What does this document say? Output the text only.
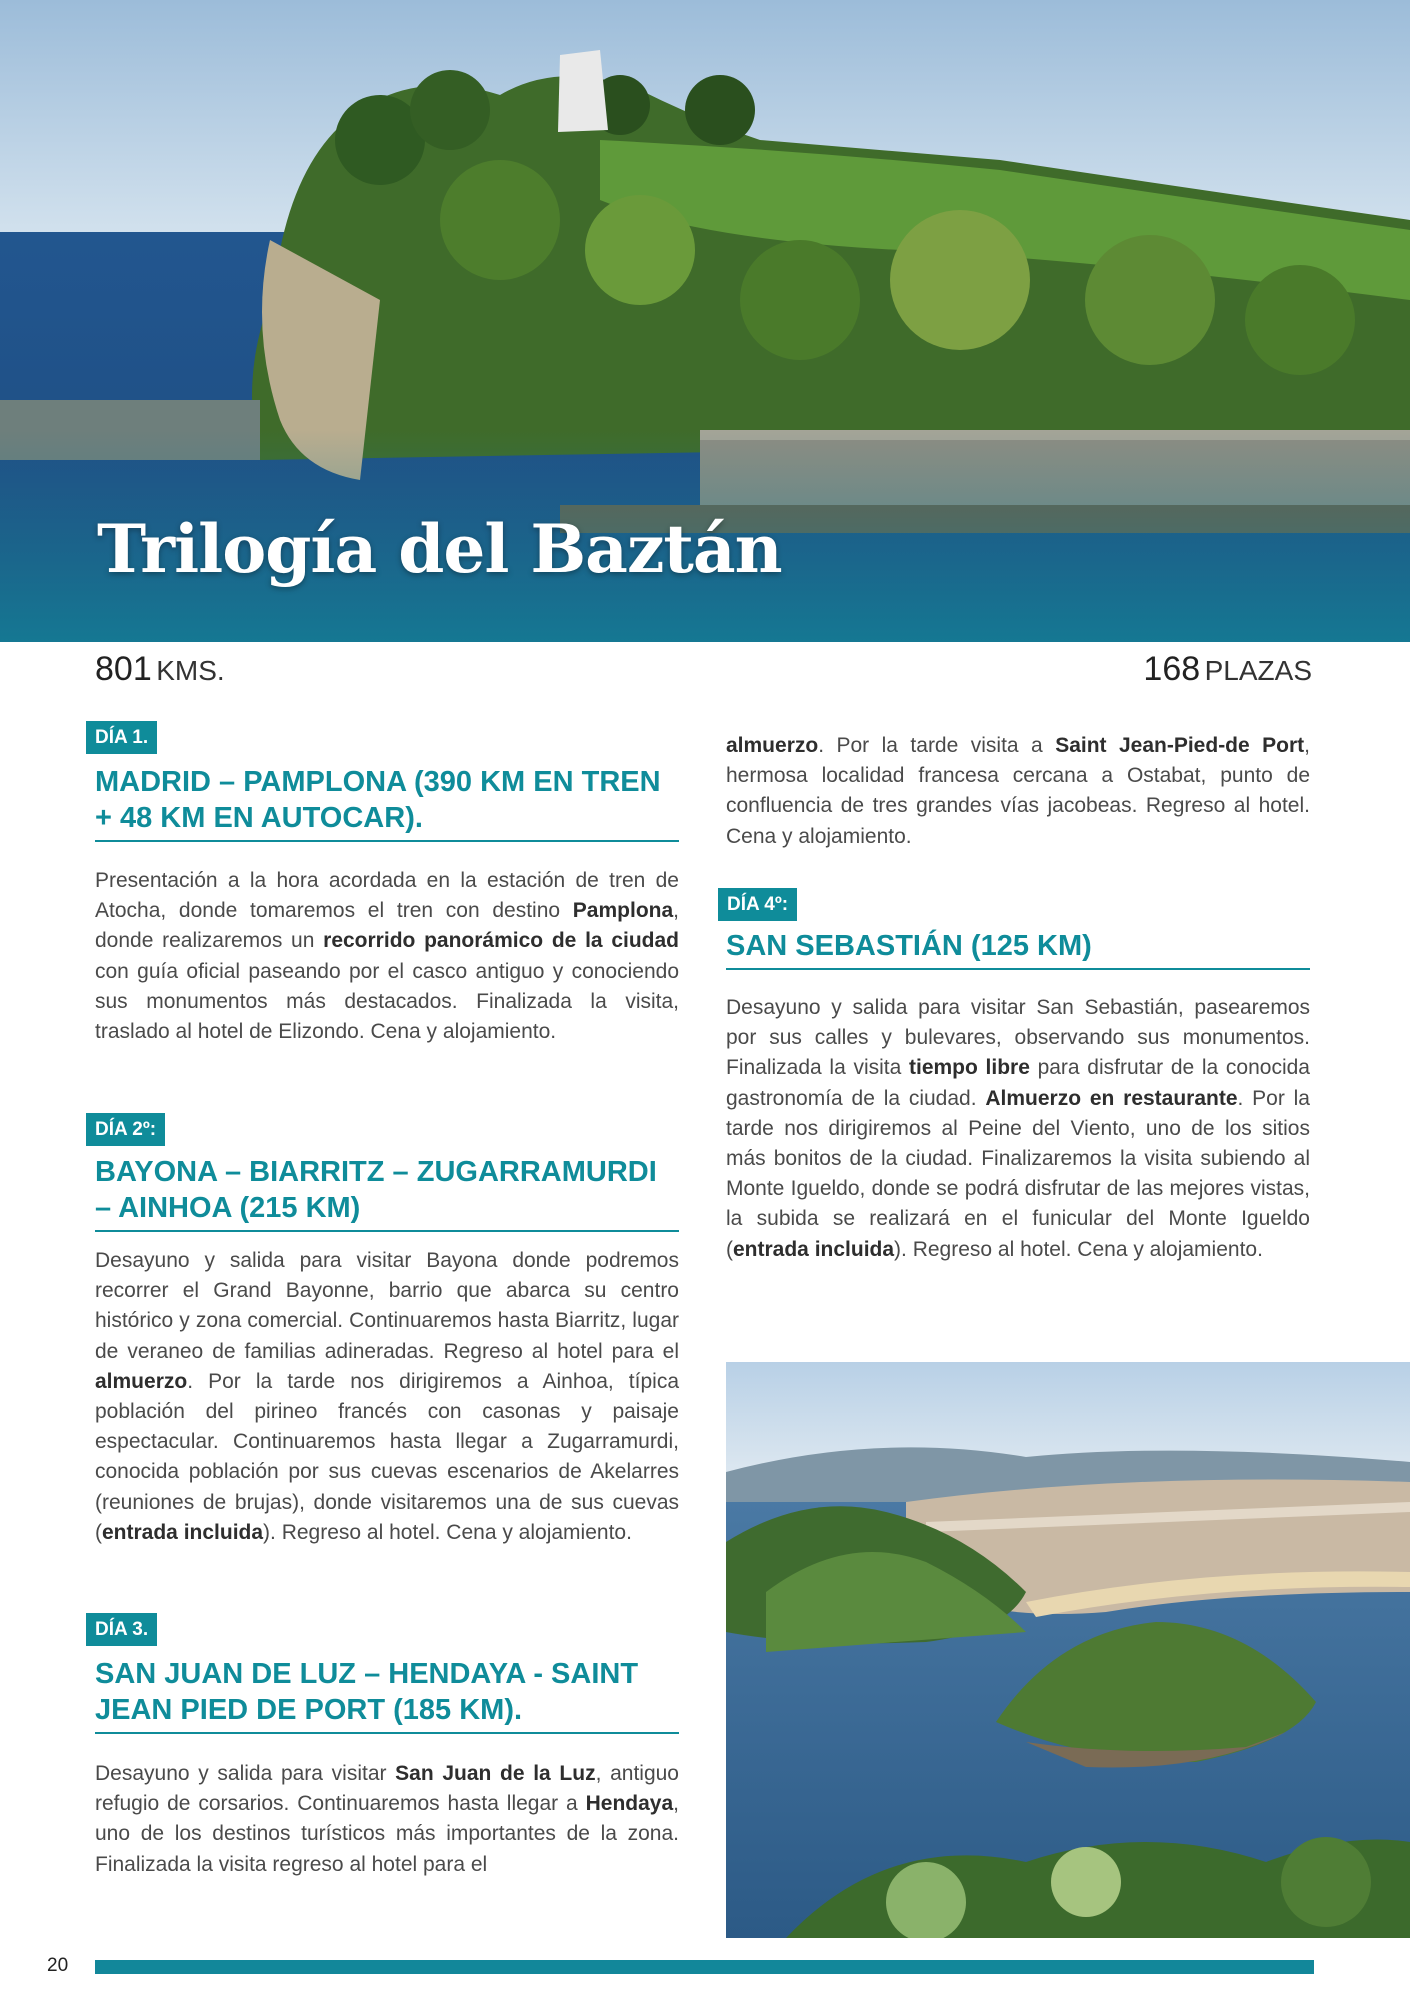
Trilogía del Baztán
801 KMS.	168 PLAZAS
DÍA 1.
MADRID – PAMPLONA (390 KM EN TREN + 48 KM EN AUTOCAR).
Presentación a la hora acordada en la estación de tren de Atocha, donde tomaremos el tren con destino Pamplona, donde realizaremos un recorrido panorámico de la ciudad con guía oficial paseando por el casco antiguo y conociendo sus monumentos más destacados. Finalizada la visita, traslado al hotel de Elizondo. Cena y alojamiento.
DÍA 2º:
BAYONA – BIARRITZ – ZUGARRAMURDI – AINHOA (215 KM)
Desayuno y salida para visitar Bayona donde podremos recorrer el Grand Bayonne, barrio que abarca su centro histórico y zona comercial. Continuaremos hasta Biarritz, lugar de veraneo de familias adineradas. Regreso al hotel para el almuerzo. Por la tarde nos dirigiremos a Ainhoa, típica población del pirineo francés con casonas y paisaje espectacular. Continuaremos hasta llegar a Zugarramurdi, conocida población por sus cuevas escenarios de Akelarres (reuniones de brujas), donde visitaremos una de sus cuevas (entrada incluida). Regreso al hotel. Cena y alojamiento.
DÍA 3.
SAN JUAN DE LUZ – HENDAYA - SAINT JEAN PIED DE PORT (185 KM).
Desayuno y salida para visitar San Juan de la Luz, antiguo refugio de corsarios. Continuaremos hasta llegar a Hendaya, uno de los destinos turísticos más importantes de la zona. Finalizada la visita regreso al hotel para el
almuerzo. Por la tarde visita a Saint Jean-Pied-de Port, hermosa localidad francesa cercana a Ostabat, punto de confluencia de tres grandes vías jacobeas. Regreso al hotel. Cena y alojamiento.
DÍA 4º:
SAN SEBASTIÁN (125 KM)
Desayuno y salida para visitar San Sebastián, pasearemos por sus calles y bulevares, observando sus monumentos. Finalizada la visita tiempo libre para disfrutar de la conocida gastronomía de la ciudad. Almuerzo en restaurante. Por la tarde nos dirigiremos al Peine del Viento, uno de los sitios más bonitos de la ciudad. Finalizaremos la visita subiendo al Monte Igueldo, donde se podrá disfrutar de las mejores vistas, la subida se realizará en el funicular del Monte Igueldo (entrada incluida). Regreso al hotel. Cena y alojamiento.
20
